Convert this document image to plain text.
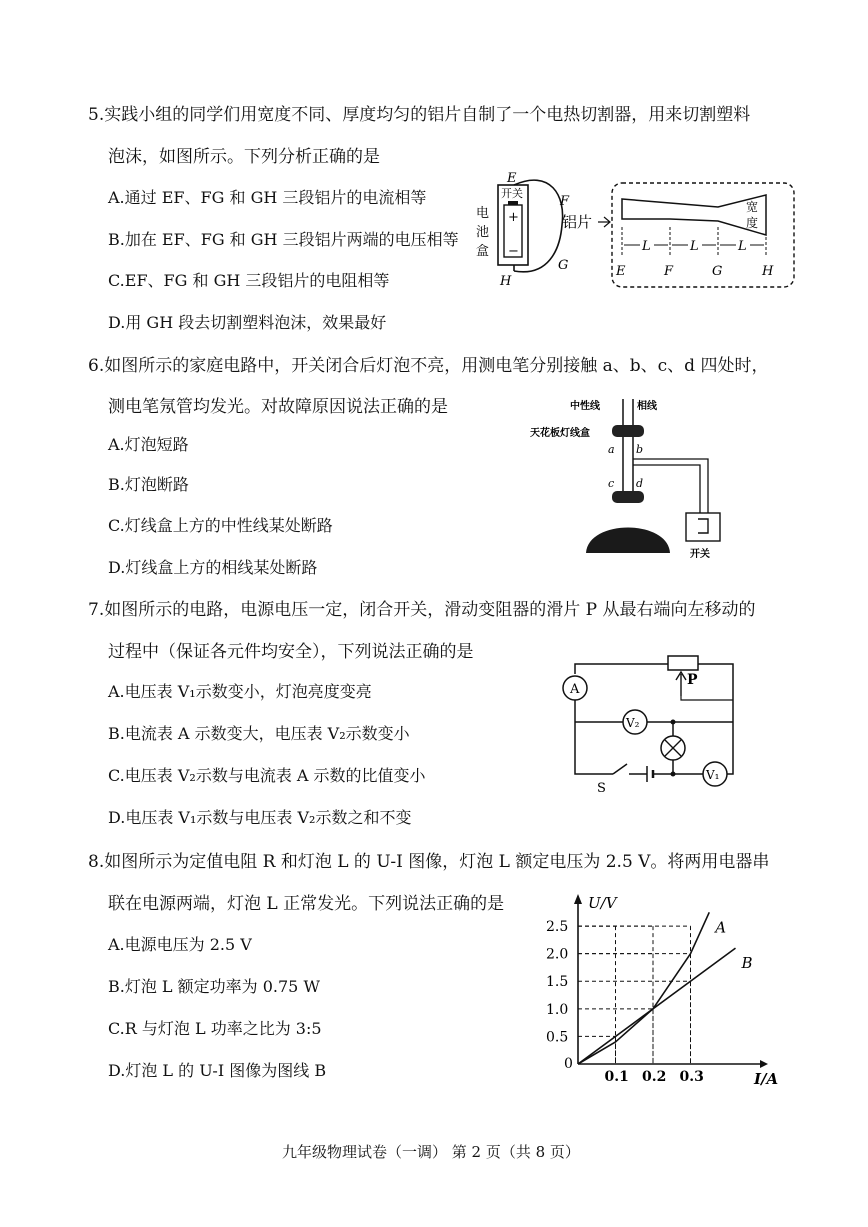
5.实践小组的同学们用宽度不同、厚度均匀的铝片自制了一个电热切割器，用来切割塑料
泡沫，如图所示。下列分析正确的是
A.通过 EF、FG 和 GH 三段铝片的电流相等
B.加在 EF、FG 和 GH 三段铝片两端的电压相等
C.EF、FG 和 GH 三段铝片的电阻相等
D.用 GH 段去切割塑料泡沫，效果最好
E
开关
+
−
电
池
盒
H
F
G
铝片
宽
度
L	L	L
E	F	G	H
6.如图所示的家庭电路中，开关闭合后灯泡不亮，用测电笔分别接触 a、b、c、d 四处时，
测电笔氖管均发光。对故障原因说法正确的是
A.灯泡短路
B.灯泡断路
C.灯线盒上方的中性线某处断路
D.灯线盒上方的相线某处断路
中性线	相线
天花板灯线盒
a b
c d
开关
7.如图所示的电路，电源电压一定，闭合开关，滑动变阻器的滑片 P 从最右端向左移动的
过程中（保证各元件均安全），下列说法正确的是
A.电压表 V₁示数变小，灯泡亮度变亮
B.电流表 A 示数变大，电压表 V₂示数变小
C.电压表 V₂示数与电流表 A 示数的比值变小
D.电压表 V₁示数与电压表 V₂示数之和不变
P
A
V₂
S
V₁
8.如图所示为定值电阻 R 和灯泡 L 的 U-I 图像，灯泡 L 额定电压为 2.5 V。将两用电器串
联在电源两端，灯泡 L 正常发光。下列说法正确的是
A.电源电压为 2.5 V
B.灯泡 L 额定功率为 0.75 W
C.R 与灯泡 L 功率之比为 3:5
D.灯泡 L 的 U-I 图像为图线 B	0.1 0.2 0.3
0.5
1.0
1.5
2.0
2.5
0
I/A
U/V
A
B
九年级物理试卷（一调） 第 2 页（共 8 页）
